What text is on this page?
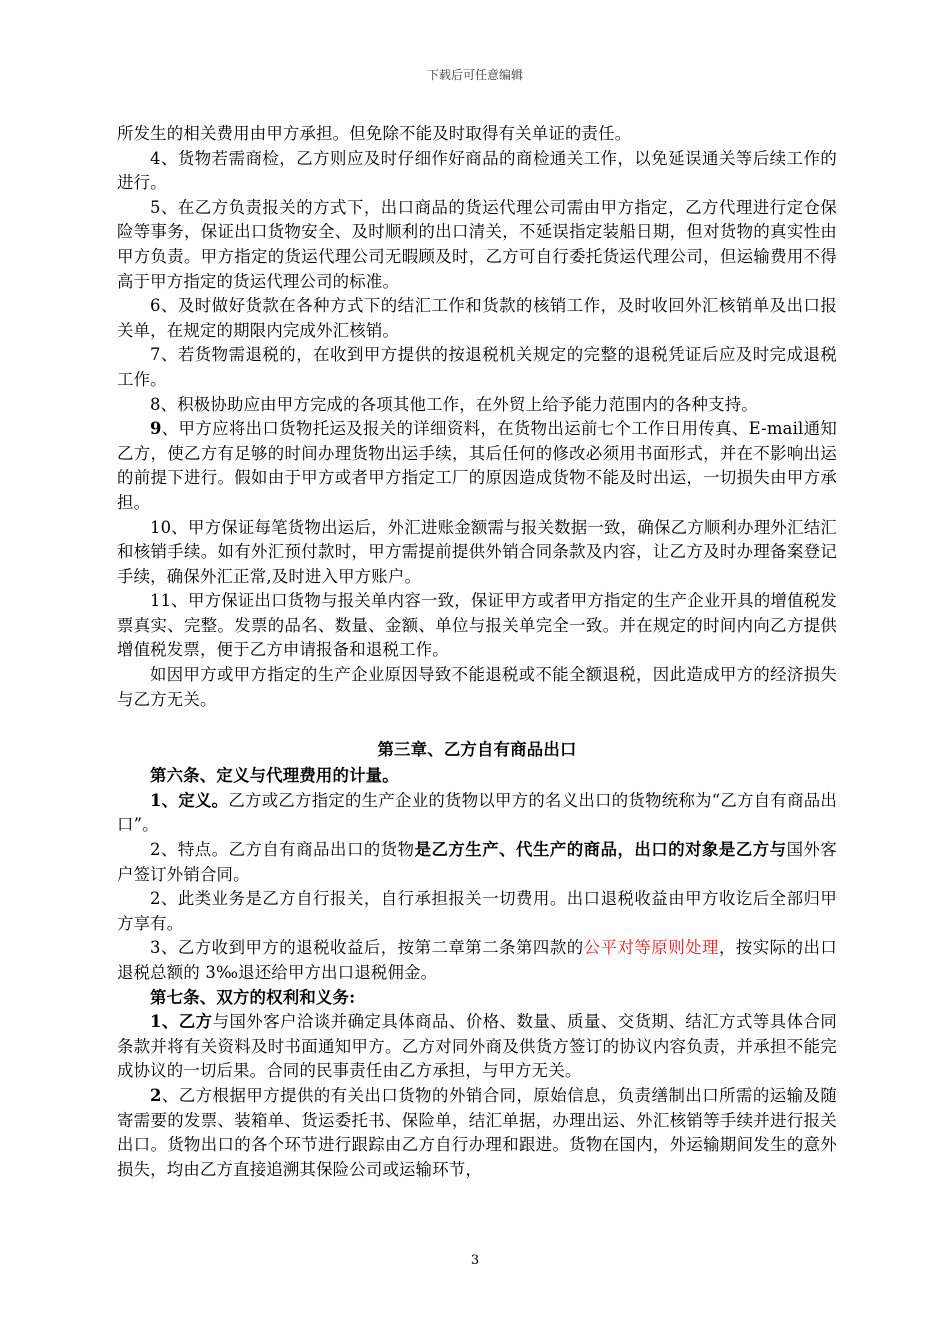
下载后可任意编辑

所发生的相关费用由甲方承担。但免除不能及时取得有关单证的责任。

4、货物若需商检，乙方则应及时仔细作好商品的商检通关工作，以免延误通关等后续工作的进行。

5、在乙方负责报关的方式下，出口商品的货运代理公司需由甲方指定，乙方代理进行定仓保险等事务，保证出口货物安全、及时顺利的出口清关，不延误指定装船日期，但对货物的真实性由甲方负责。甲方指定的货运代理公司无暇顾及时，乙方可自行委托货运代理公司，但运输费用不得高于甲方指定的货运代理公司的标准。

6、及时做好货款在各种方式下的结汇工作和货款的核销工作，及时收回外汇核销单及出口报关单，在规定的期限内完成外汇核销。

7、若货物需退税的，在收到甲方提供的按退税机关规定的完整的退税凭证后应及时完成退税工作。

8、积极协助应由甲方完成的各项其他工作，在外贸上给予能力范围内的各种支持。

9、甲方应将出口货物托运及报关的详细资料，在货物出运前七个工作日用传真、E-mail通知乙方，使乙方有足够的时间办理货物出运手续，其后任何的修改必须用书面形式，并在不影响出运的前提下进行。假如由于甲方或者甲方指定工厂的原因造成货物不能及时出运，一切损失由甲方承担。

10、甲方保证每笔货物出运后，外汇进账金额需与报关数据一致，确保乙方顺利办理外汇结汇和核销手续。如有外汇预付款时，甲方需提前提供外销合同条款及内容，让乙方及时办理备案登记手续，确保外汇正常,及时进入甲方账户。

11、甲方保证出口货物与报关单内容一致，保证甲方或者甲方指定的生产企业开具的增值税发票真实、完整。发票的品名、数量、金额、单位与报关单完全一致。并在规定的时间内向乙方提供增值税发票，便于乙方申请报备和退税工作。

如因甲方或甲方指定的生产企业原因导致不能退税或不能全额退税，因此造成甲方的经济损失与乙方无关。

第三章、乙方自有商品出口

第六条、定义与代理费用的计量。

1、定义。乙方或乙方指定的生产企业的货物以甲方的名义出口的货物统称为“乙方自有商品出口”。

2、特点。乙方自有商品出口的货物是乙方生产、代生产的商品，出口的对象是乙方与国外客户签订外销合同。

2、此类业务是乙方自行报关，自行承担报关一切费用。出口退税收益由甲方收讫后全部归甲方享有。

3、乙方收到甲方的退税收益后，按第二章第二条第四款的公平对等原则处理，按实际的出口退税总额的 3‰退还给甲方出口退税佣金。

第七条、双方的权利和义务:

1、乙方与国外客户洽谈并确定具体商品、价格、数量、质量、交货期、结汇方式等具体合同条款并将有关资料及时书面通知甲方。乙方对同外商及供货方签订的协议内容负责，并承担不能完成协议的一切后果。合同的民事责任由乙方承担，与甲方无关。

2、乙方根据甲方提供的有关出口货物的外销合同，原始信息，负责缮制出口所需的运输及随寄需要的发票、装箱单、货运委托书、保险单，结汇单据，办理出运、外汇核销等手续并进行报关出口。货物出口的各个环节进行跟踪由乙方自行办理和跟进。货物在国内，外运输期间发生的意外损失，均由乙方直接追溯其保险公司或运输环节，

3
